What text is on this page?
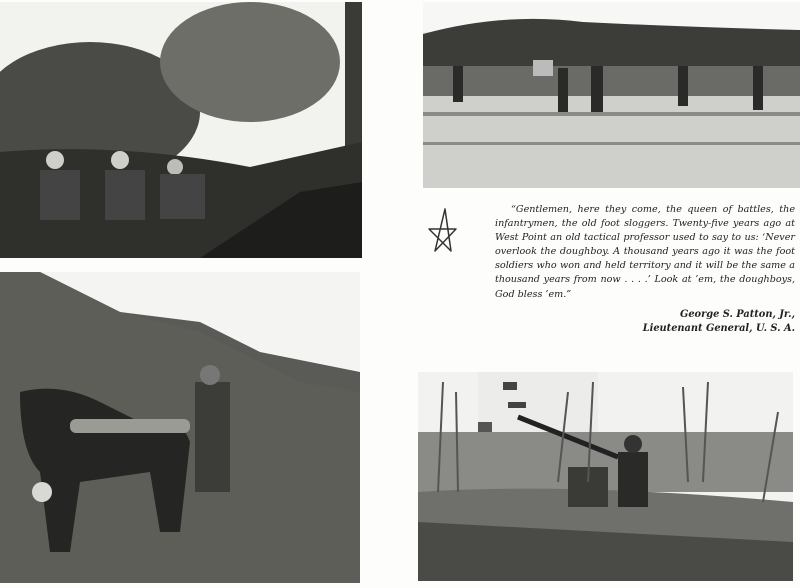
“Gentlemen, here they come, the queen of battles, the infantrymen, the old foot sloggers. Twenty-five years ago at West Point an old tactical professor used to say to us: ‘Never overlook the doughboy. A thousand years ago it was the foot soldiers who won and held territory and it will be the same a thousand years from now . . . .’ Look at ’em, the doughboys, God bless ’em.”

George S. Patton, Jr.,
Lieutenant General, U. S. A.
